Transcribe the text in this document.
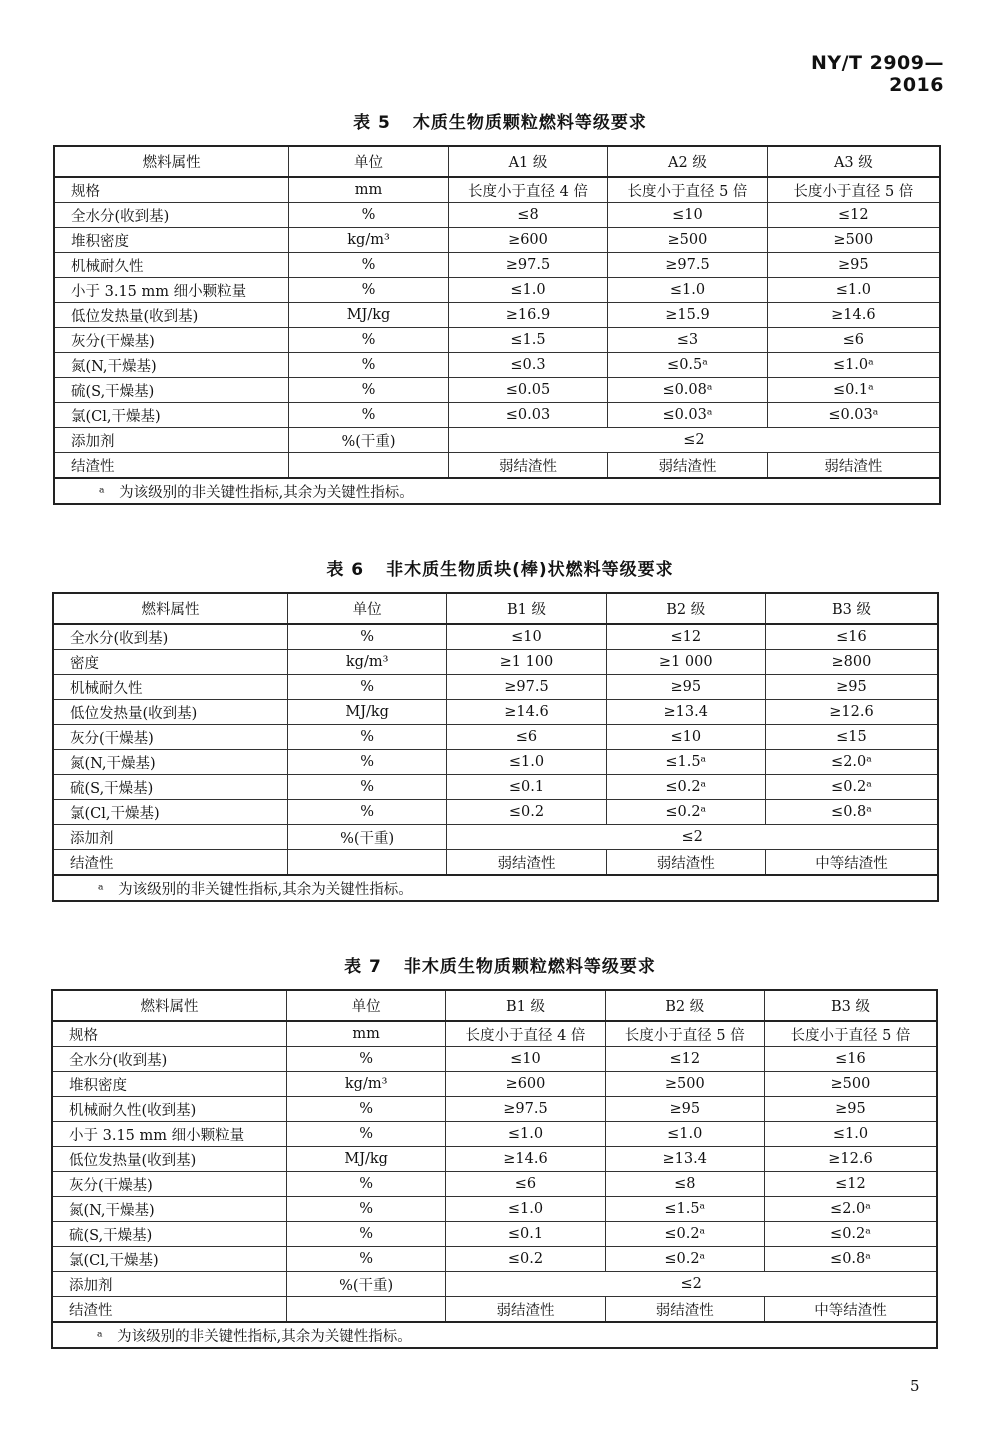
NY/T 2909—2016
表 5 木质生物质颗粒燃料等级要求
燃料属性	单位	A1 级	A2 级	A3 级
规格	mm	长度小于直径 4 倍	长度小于直径 5 倍	长度小于直径 5 倍
全水分(收到基)	%	≤8	≤10	≤12
堆积密度	kg/m³	≥600	≥500	≥500
机械耐久性	%	≥97.5	≥97.5	≥95
小于 3.15 mm 细小颗粒量	%	≤1.0	≤1.0	≤1.0
低位发热量(收到基)	MJ/kg	≥16.9	≥15.9	≥14.6
灰分(干燥基)	%	≤1.5	≤3	≤6
氮(N,干燥基)	%	≤0.3	≤0.5ᵃ	≤1.0ᵃ
硫(S,干燥基)	%	≤0.05	≤0.08ᵃ	≤0.1ᵃ
氯(Cl,干燥基)	%	≤0.03	≤0.03ᵃ	≤0.03ᵃ
添加剂	%(干重)	≤2		
结渣性		弱结渣性	弱结渣性	弱结渣性
ᵃ　为该级别的非关键性指标,其余为关键性指标。				
表 6 非木质生物质块(棒)状燃料等级要求
燃料属性	单位	B1 级	B2 级	B3 级
全水分(收到基)	%	≤10	≤12	≤16
密度	kg/m³	≥1 100	≥1 000	≥800
机械耐久性	%	≥97.5	≥95	≥95
低位发热量(收到基)	MJ/kg	≥14.6	≥13.4	≥12.6
灰分(干燥基)	%	≤6	≤10	≤15
氮(N,干燥基)	%	≤1.0	≤1.5ᵃ	≤2.0ᵃ
硫(S,干燥基)	%	≤0.1	≤0.2ᵃ	≤0.2ᵃ
氯(Cl,干燥基)	%	≤0.2	≤0.2ᵃ	≤0.8ᵃ
添加剂	%(干重)	≤2		
结渣性		弱结渣性	弱结渣性	中等结渣性
ᵃ　为该级别的非关键性指标,其余为关键性指标。				
表 7 非木质生物质颗粒燃料等级要求
燃料属性	单位	B1 级	B2 级	B3 级
规格	mm	长度小于直径 4 倍	长度小于直径 5 倍	长度小于直径 5 倍
全水分(收到基)	%	≤10	≤12	≤16
堆积密度	kg/m³	≥600	≥500	≥500
机械耐久性(收到基)	%	≥97.5	≥95	≥95
小于 3.15 mm 细小颗粒量	%	≤1.0	≤1.0	≤1.0
低位发热量(收到基)	MJ/kg	≥14.6	≥13.4	≥12.6
灰分(干燥基)	%	≤6	≤8	≤12
氮(N,干燥基)	%	≤1.0	≤1.5ᵃ	≤2.0ᵃ
硫(S,干燥基)	%	≤0.1	≤0.2ᵃ	≤0.2ᵃ
氯(Cl,干燥基)	%	≤0.2	≤0.2ᵃ	≤0.8ᵃ
添加剂	%(干重)	≤2		
结渣性		弱结渣性	弱结渣性	中等结渣性
ᵃ　为该级别的非关键性指标,其余为关键性指标。				
5
